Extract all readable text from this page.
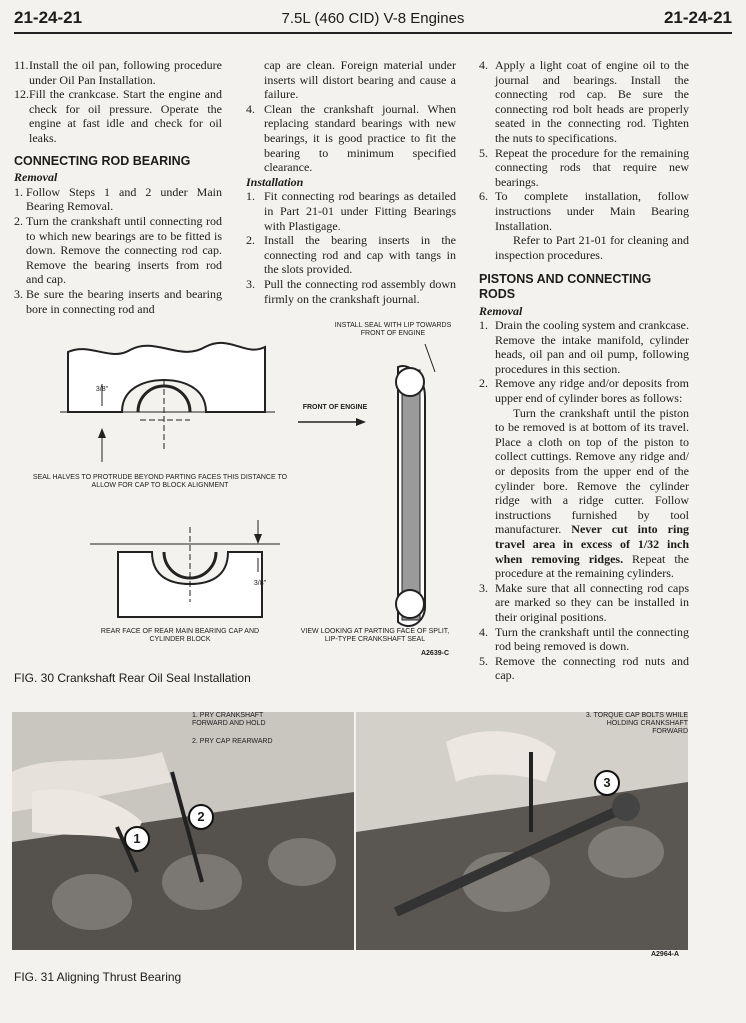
21-24-21	7.5L (460 CID) V-8 Engines	21-24-21
11. Install the oil pan, following procedure under Oil Pan Installation.
12. Fill the crankcase. Start the engine and check for oil pressure. Operate the engine at fast idle and check for oil leaks.
CONNECTING ROD BEARING

Removal

1. Follow Steps 1 and 2 under Main Bearing Removal.
2. Turn the crankshaft until connecting rod to which new bearings are to be fitted is down. Remove the connecting rod cap. Remove the bearing inserts from rod and cap.
3. Be sure the bearing inserts and bearing bore in connecting rod and

cap are clean. Foreign material under inserts will distort bearing and cause a failure.

4. Clean the crankshaft journal. When replacing standard bearings with new bearings, it is good practice to fit the bearing to minimum specified clearance.

Installation

1. Fit connecting rod bearings as detailed in Part 21-01 under Fitting Bearings with Plastigage.
2. Install the bearing inserts in the connecting rod and cap with tangs in the slots provided.
3. Pull the connecting rod assembly down firmly on the crankshaft journal.
4. Apply a light coat of engine oil to the journal and bearings. Install the connecting rod cap. Be sure the connecting rod bolt heads are properly seated in the connecting rod. Tighten the nuts to specifications.
5. Repeat the procedure for the remaining connecting rods that require new bearings.
6. To complete installation, follow instructions under Main Bearing Installation.

Refer to Part 21-01 for cleaning and inspection procedures.

PISTONS AND CONNECTING RODS

Removal

1. Drain the cooling system and crankcase. Remove the intake manifold, cylinder heads, oil pan and oil pump, following procedures in this section.
2. Remove any ridge and/or deposits from upper end of cylinder bores as follows:

Turn the crankshaft until the piston to be removed is at bottom of its travel. Place a cloth on top of the piston to collect cuttings. Remove any ridge and/ or deposits from the upper end of the cylinder bore. Remove the cylinder ridge with a ridge cutter. Follow instructions furnished by tool manufacturer. Never cut into ring travel area in excess of 1/32 inch when removing ridges. Repeat the procedure at the remaining cylinders.

3. Make sure that all connecting rod caps are marked so they can be installed in their original positions.
4. Turn the crankshaft until the connecting rod being removed is down.
5. Remove the connecting rod nuts and cap.
INSTALL SEAL WITH LIP TOWARDS FRONT OF ENGINE
FRONT OF ENGINE
3/8"
SEAL HALVES TO PROTRUDE BEYOND PARTING FACES THIS DISTANCE TO ALLOW FOR CAP TO BLOCK ALIGNMENT
3/8"
REAR FACE OF REAR MAIN BEARING CAP AND CYLINDER BLOCK
VIEW LOOKING AT PARTING FACE OF SPLIT, LIP-TYPE CRANKSHAFT SEAL
A2639-C
FIG. 30 Crankshaft Rear Oil Seal Installation
1. PRY CRANKSHAFT FORWARD AND HOLD
2. PRY CAP REARWARD
1
2
3. TORQUE CAP BOLTS WHILE HOLDING CRANKSHAFT FORWARD
3
A2964-A
FIG. 31 Aligning Thrust Bearing
